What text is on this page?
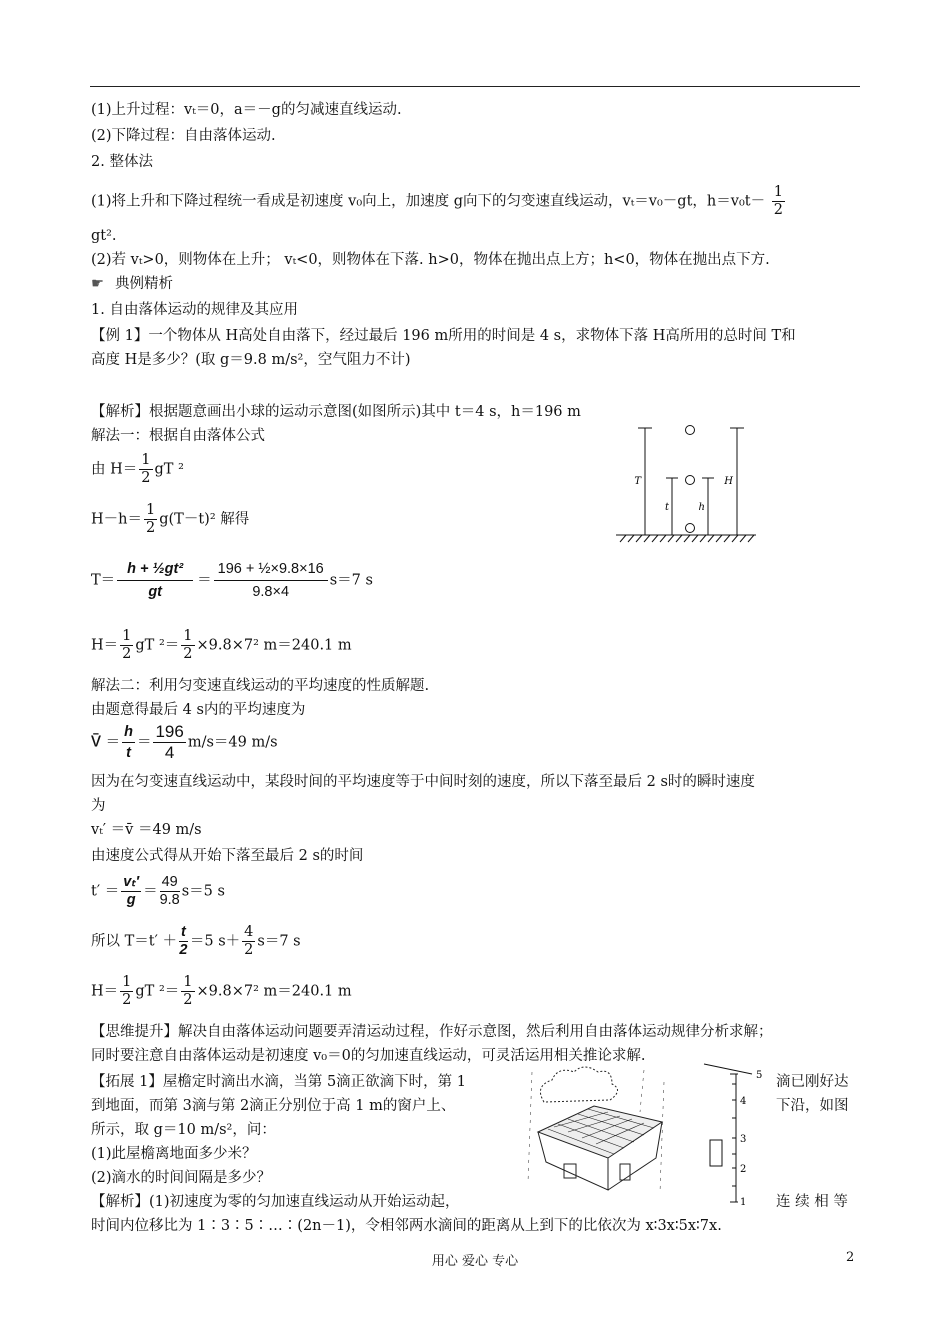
(1)上升过程：vₜ＝0，a＝－g的匀减速直线运动.
(2)下降过程：自由落体运动.
2. 整体法
(1)将上升和下降过程统一看成是初速度 v₀向上，加速度 g向下的匀变速直线运动，vₜ＝v₀－gt，$h=v_0t- \frac{1}{2}$
gt².
(2)若 vₜ>0，则物体在上升； vₜ<0，则物体在下落. h>0，物体在抛出点上方；h<0，物体在抛出点下方.
☛ 典例精析
1. 自由落体运动的规律及其应用
【例 1】一个物体从 H高处自由落下，经过最后 196 m所用的时间是 4 s，求物体下落 H高所用的总时间 T和
高度 H是多少？(取 g＝9.8 m/s²，空气阻力不计)
【解析】根据题意画出小球的运动示意图(如图所示)其中 t＝4 s，h＝196 m
解法一：根据自由落体公式
由 $H= \frac{1}{2}$ gT ²
$H-h= \frac{1}{2} g(T-t)^2$ 解得
$T= \frac{\text{h + ½gt²}}{gt} = \frac{\text{196 + ½×9.8×16}}{9.8\times 4} s=7$ s
$H= \frac{1}{2}$ gT $^2= \frac{1}{2} \times 9.8\times 7^2$ m＝240.1 m
解法二：利用匀变速直线运动的平均速度的性质解题.
由题意得最后 4 s内的平均速度为
v̄ ＝ $\frac{h}{t} = \frac{196}{4} m/s=49$ m/s
因为在匀变速直线运动中，某段时间的平均速度等于中间时刻的速度，所以下落至最后 2 s时的瞬时速度
为
vₜ′ ＝v̄ ＝49 m/s
由速度公式得从开始下落至最后 2 s的时间
$t' = \frac{\text{vₜ′}}{g} = \frac{49}{9.8} s=5$ s
所以 $T=t' + \frac{t}{2} =5$ $s+ \frac{4}{2} s=7$ s
$H= \frac{1}{2}$ gT $^2= \frac{1}{2} \times 9.8\times 7^2$ m＝240.1 m
【思维提升】解决自由落体运动问题要弄清运动过程，作好示意图，然后利用自由落体运动规律分析求解；
同时要注意自由落体运动是初速度 v₀＝0的匀加速直线运动，可灵活运用相关推论求解.
【拓展 1】屋檐定时滴出水滴，当第 5滴正欲滴下时，第 1	滴已刚好达
到地面，而第 3滴与第 2滴正分别位于高 1 m的窗户上、	下沿，如图
所示，取 g＝10 m/s²，问：
(1)此屋檐离地面多少米？
(2)滴水的时间间隔是多少？
【解析】(1)初速度为零的匀加速直线运动从开始运动起，	连 续 相 等
时间内位移比为 1∶3∶5∶…∶(2n－1)，令相邻两水滴间的距离从上到下的比依次为 x∶3x∶5x∶7x.
T
t	h
H
5
4
3
2
1
用心 爱心 专心	2
